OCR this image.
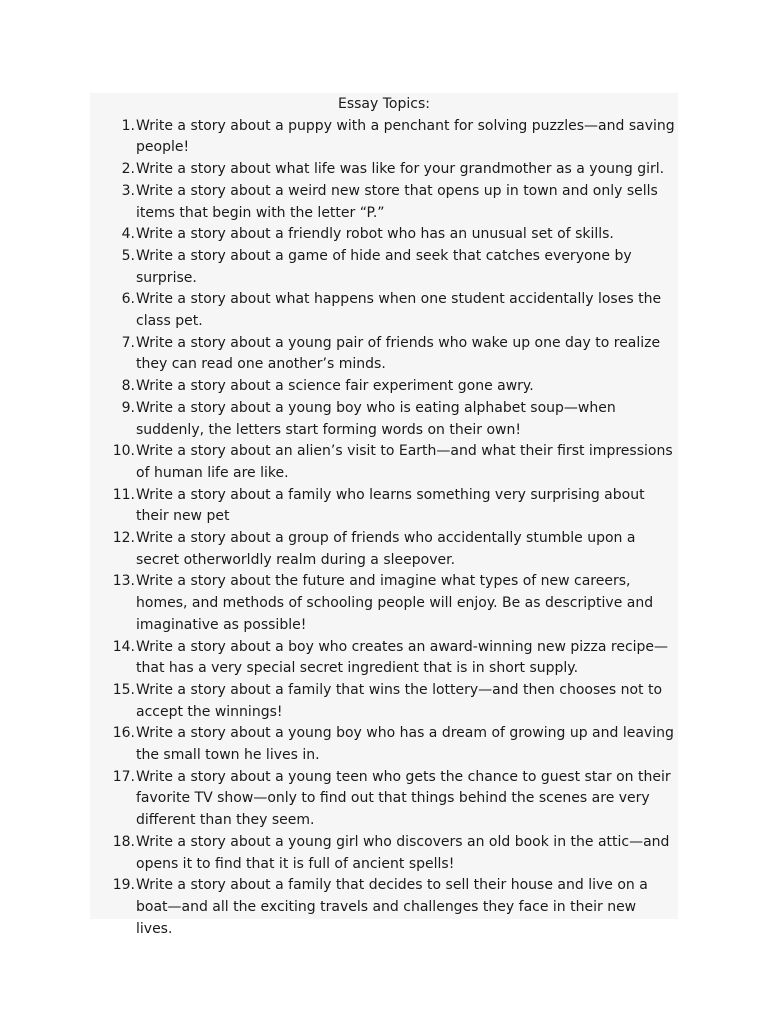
Essay Topics:
1. Write a story about a puppy with a penchant for solving puzzles—and saving people!
2. Write a story about what life was like for your grandmother as a young girl.
3. Write a story about a weird new store that opens up in town and only sells items that begin with the letter “P.”
4. Write a story about a friendly robot who has an unusual set of skills.
5. Write a story about a game of hide and seek that catches everyone by surprise.
6. Write a story about what happens when one student accidentally loses the class pet.
7. Write a story about a young pair of friends who wake up one day to realize they can read one another’s minds.
8. Write a story about a science fair experiment gone awry.
9. Write a story about a young boy who is eating alphabet soup—when suddenly, the letters start forming words on their own!
10. Write a story about an alien’s visit to Earth—and what their first impressions of human life are like.
11. Write a story about a family who learns something very surprising about their new pet
12. Write a story about a group of friends who accidentally stumble upon a secret otherworldly realm during a sleepover.
13. Write a story about the future and imagine what types of new careers, homes, and methods of schooling people will enjoy. Be as descriptive and imaginative as possible!
14. Write a story about a boy who creates an award-winning new pizza recipe—that has a very special secret ingredient that is in short supply.
15. Write a story about a family that wins the lottery—and then chooses not to accept the winnings!
16. Write a story about a young boy who has a dream of growing up and leaving the small town he lives in.
17. Write a story about a young teen who gets the chance to guest star on their favorite TV show—only to find out that things behind the scenes are very different than they seem.
18. Write a story about a young girl who discovers an old book in the attic—and opens it to find that it is full of ancient spells!
19. Write a story about a family that decides to sell their house and live on a boat—and all the exciting travels and challenges they face in their new lives.
